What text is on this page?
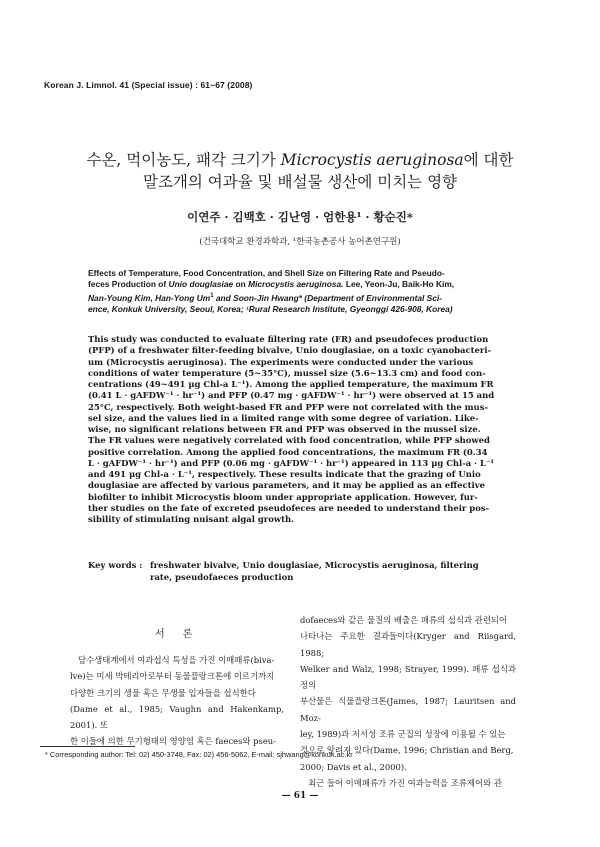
Korean J. Limnol. 41 (Special issue) : 61~67 (2008)
수온, 먹이농도, 패각 크기가 Microcystis aeruginosa에 대한
말조개의 여과율 및 배설물 생산에 미치는 영향
이연주 · 김백호 · 김난영 · 엄한용¹ · 황순진*
(건국대학교 환경과학과, ¹한국농촌공사 농어촌연구원)
Effects of Temperature, Food Concentration, and Shell Size on Filtering Rate and Pseudo-
feces Production of Unio douglasiae on Microcystis aeruginosa. Lee, Yeon-Ju, Baik-Ho Kim,
Nan-Young Kim, Han-Yong Um$^1$ and Soon-Jin Hwang* (Department of Environmental Sci-
ence, Konkuk University, Seoul, Korea; ¹Rural Research Institute, Gyeonggi 426-908, Korea)
This study was conducted to evaluate filtering rate (FR) and pseudofeces production
(PFP) of a freshwater filter-feeding bivalve, Unio douglasiae, on a toxic cyanobacteri-
um (Microcystis aeruginosa). The experiments were conducted under the various
conditions of water temperature (5~35°C), mussel size (5.6~13.3 cm) and food con-
centrations (49~491 μg Chl-a L⁻¹). Among the applied temperature, the maximum FR
(0.41 L · gAFDW⁻¹ · hr⁻¹) and PFP (0.47 mg · gAFDW⁻¹ · hr⁻¹) were observed at 15 and
25°C, respectively. Both weight-based FR and PFP were not correlated with the mus-
sel size, and the values lied in a limited range with some degree of variation. Like-
wise, no significant relations between FR and PFP was observed in the mussel size.
The FR values were negatively correlated with food concentration, while PFP showed
positive correlation. Among the applied food concentrations, the maximum FR (0.34
L · gAFDW⁻¹ · hr⁻¹) and PFP (0.06 mg · gAFDW⁻¹ · hr⁻¹) appeared in 113 μg Chl-a · L⁻¹
and 491 μg Chl-a · L⁻¹, respectively. These results indicate that the grazing of Unio
douglasiae are affected by various parameters, and it may be applied as an effective
biofilter to inhibit Microcystis bloom under appropriate application. However, fur-
ther studies on the fate of excreted pseudofeces are needed to understand their pos-
sibility of stimulating nuisant algal growth.
Key words : freshwater bivalve, Unio douglasiae, Microcystis aeruginosa, filtering
rate, pseudofaeces production
서론
담수생태계에서 여과섭식 특성을 가진 이매패류(biva-
lve)는 미세 박테리아로부터 동물플랑크톤에 이르기까지
다양한 크기의 생물 혹은 무생물 입자들을 섭식한다
(Dame et al., 1985; Vaughn and Hakenkamp, 2001). 또
한 이들에 의한 무기형태의 영양염 혹은 faeces와 pseu-
dofaeces와 같은 물질의 배출은 패류의 섭식과 관련되어
나타나는 주요한 결과들이다(Kryger and Riisgard, 1988;
Welker and Walz, 1998; Strayer, 1999). 패류 섭식과정의
부산물은 식물플랑크톤(James, 1987; Lauritsen and Moz-
ley, 1989)과 저서성 조류 군집의 성장에 이용될 수 있는
것으로 알려져 있다(Dame, 1996; Christian and Berg,
2000; Davis et al., 2000).
최근 들어 이매패류가 가진 여과능력을 조류제어와 관
* Corresponding author: Tel: 02) 450-3748, Fax: 02) 456-5062, E-mail: sjhwang@konkuk.ac.kr
— 61 —
